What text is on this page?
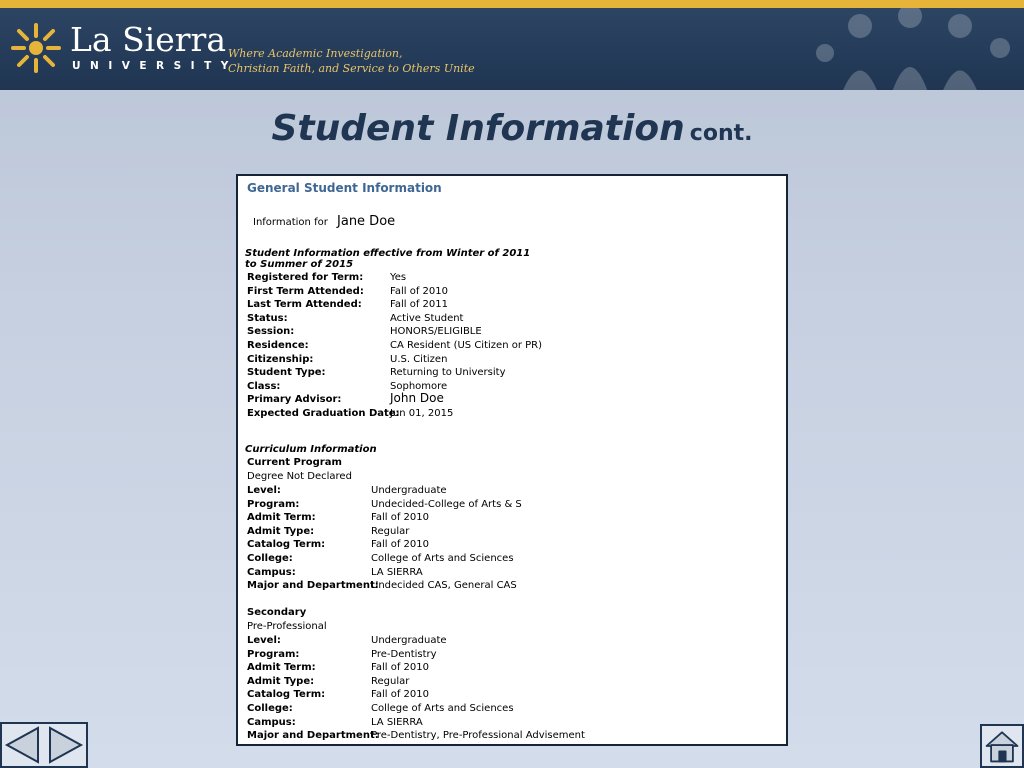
La Sierra
UNIVERSITY
Where Academic Investigation,
Christian Faith, and Service to Others Unite
Student Information cont.
General Student Information
Information for Jane Doe
Student Information effective from Winter of 2011 to Summer of 2015
Registered for Term:	Yes
First Term Attended:	Fall of 2010
Last Term Attended:	Fall of 2011
Status:	Active Student
Session:	HONORS/ELIGIBLE
Residence:	CA Resident (US Citizen or PR)
Citizenship:	U.S. Citizen
Student Type:	Returning to University
Class:	Sophomore
Primary Advisor:	John Doe
Expected Graduation Date:
Jun 01, 2015
Curriculum Information
Current Program
Degree Not Declared
Level:	Undergraduate
Program:	Undecided-College of Arts & S
Admit Term:	Fall of 2010
Admit Type:	Regular
Catalog Term:	Fall of 2010
College:	College of Arts and Sciences
Campus:	LA SIERRA
Major and Department:
Undecided CAS, General CAS
Secondary
Pre-Professional
Level:	Undergraduate
Program:	Pre-Dentistry
Admit Term:	Fall of 2010
Admit Type:	Regular
Catalog Term:	Fall of 2010
College:	College of Arts and Sciences
Campus:	LA SIERRA
Major and Department:
Pre-Dentistry, Pre-Professional Advisement
